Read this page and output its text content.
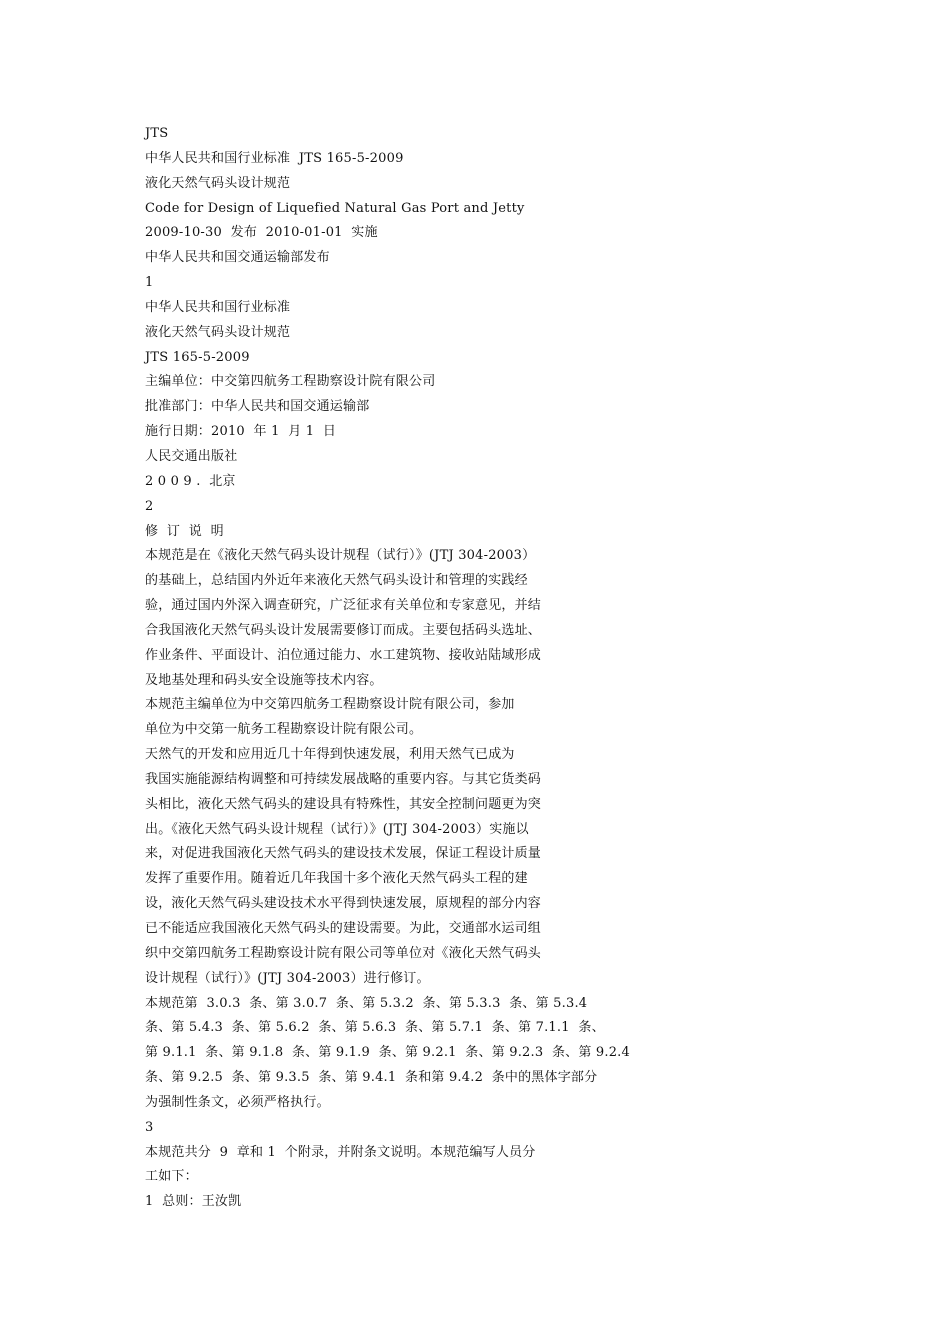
JTS
中华人民共和国行业标准  JTS 165-5-2009
液化天然气码头设计规范
Code for Design of Liquefied Natural Gas Port and Jetty
2009-10-30  发布  2010-01-01  实施
中华人民共和国交通运输部发布
1
中华人民共和国行业标准
液化天然气码头设计规范
JTS 165-5-2009
主编单位：中交第四航务工程勘察设计院有限公司
批准部门：中华人民共和国交通运输部
施行日期：2010  年 1  月 1  日
人民交通出版社
2 0 0 9 .  北京
2
修  订  说  明
本规范是在《液化天然气码头设计规程（试行）》(JTJ 304-2003）
的基础上，总结国内外近年来液化天然气码头设计和管理的实践经
验，通过国内外深入调查研究，广泛征求有关单位和专家意见，并结
合我国液化天然气码头设计发展需要修订而成。主要包括码头选址、
作业条件、平面设计、泊位通过能力、水工建筑物、接收站陆域形成
及地基处理和码头安全设施等技术内容。
本规范主编单位为中交第四航务工程勘察设计院有限公司，参加
单位为中交第一航务工程勘察设计院有限公司。
天然气的开发和应用近几十年得到快速发展，利用天然气已成为
我国实施能源结构调整和可持续发展战略的重要内容。与其它货类码
头相比，液化天然气码头的建设具有特殊性，其安全控制问题更为突
出。《液化天然气码头设计规程（试行）》(JTJ 304-2003）实施以
来，对促进我国液化天然气码头的建设技术发展，保证工程设计质量
发挥了重要作用。随着近几年我国十多个液化天然气码头工程的建
设，液化天然气码头建设技术水平得到快速发展，原规程的部分内容
已不能适应我国液化天然气码头的建设需要。为此，交通部水运司组
织中交第四航务工程勘察设计院有限公司等单位对《液化天然气码头
设计规程（试行）》(JTJ 304-2003）进行修订。
本规范第  3.0.3  条、第 3.0.7  条、第 5.3.2  条、第 5.3.3  条、第 5.3.4
条、第 5.4.3  条、第 5.6.2  条、第 5.6.3  条、第 5.7.1  条、第 7.1.1  条、
第 9.1.1  条、第 9.1.8  条、第 9.1.9  条、第 9.2.1  条、第 9.2.3  条、第 9.2.4
条、第 9.2.5  条、第 9.3.5  条、第 9.4.1  条和第 9.4.2  条中的黑体字部分
为强制性条文，必须严格执行。
3
本规范共分  9  章和 1  个附录，并附条文说明。本规范编写人员分
工如下：
1  总则：王汝凯
